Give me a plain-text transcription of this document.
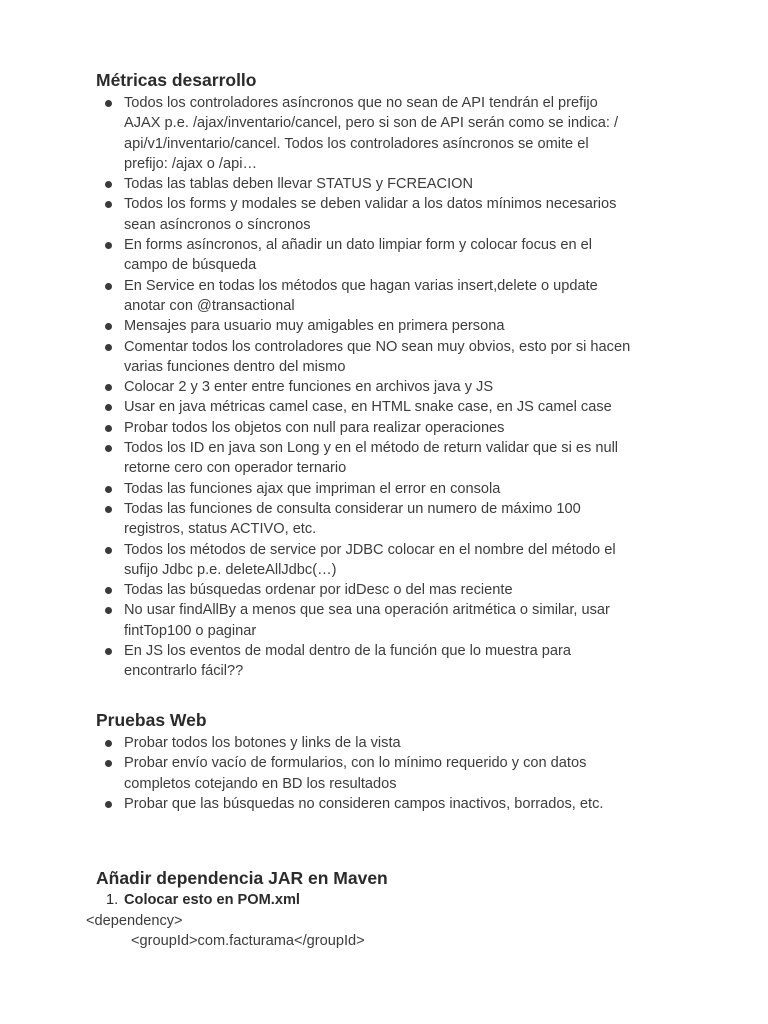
Métricas desarrollo
Todos los controladores asíncronos que no sean de API tendrán el prefijo
AJAX p.e. /ajax/inventario/cancel, pero si son de API serán como se indica: /
api/v1/inventario/cancel. Todos los controladores asíncronos se omite el
prefijo: /ajax o /api…
Todas las tablas deben llevar STATUS y FCREACION
Todos los forms y modales se deben validar a los datos mínimos necesarios
sean asíncronos o síncronos
En forms asíncronos, al añadir un dato limpiar form y colocar focus en el
campo de búsqueda
En Service en todas los métodos que hagan varias insert,delete o update
anotar con @transactional
Mensajes para usuario muy amigables en primera persona
Comentar todos los controladores que NO sean muy obvios, esto por si hacen
varias funciones dentro del mismo
Colocar 2 y 3 enter entre funciones en archivos java y JS
Usar en java métricas camel case, en HTML snake case, en JS camel case
Probar todos los objetos con null para realizar operaciones
Todos los ID en java son Long y en el método de return validar que si es null
retorne cero con operador ternario
Todas las funciones ajax que impriman el error en consola
Todas las funciones de consulta considerar un numero de máximo 100
registros, status ACTIVO, etc.
Todos los métodos de service por JDBC colocar en el nombre del método el
sufijo Jdbc p.e. deleteAllJdbc(…)
Todas las búsquedas ordenar por idDesc o del mas reciente
No usar findAllBy a menos que sea una operación aritmética o similar, usar
fintTop100 o paginar
En JS los eventos de modal dentro de la función que lo muestra para
encontrarlo fácil??
Pruebas Web
Probar todos los botones y links de la vista
Probar envío vacío de formularios, con lo mínimo requerido y con datos
completos cotejando en BD los resultados
Probar que las búsquedas no consideren campos inactivos, borrados, etc.
Añadir dependencia JAR en Maven
1. Colocar esto en POM.xml
<dependency>
<groupId>com.facturama</groupId>
